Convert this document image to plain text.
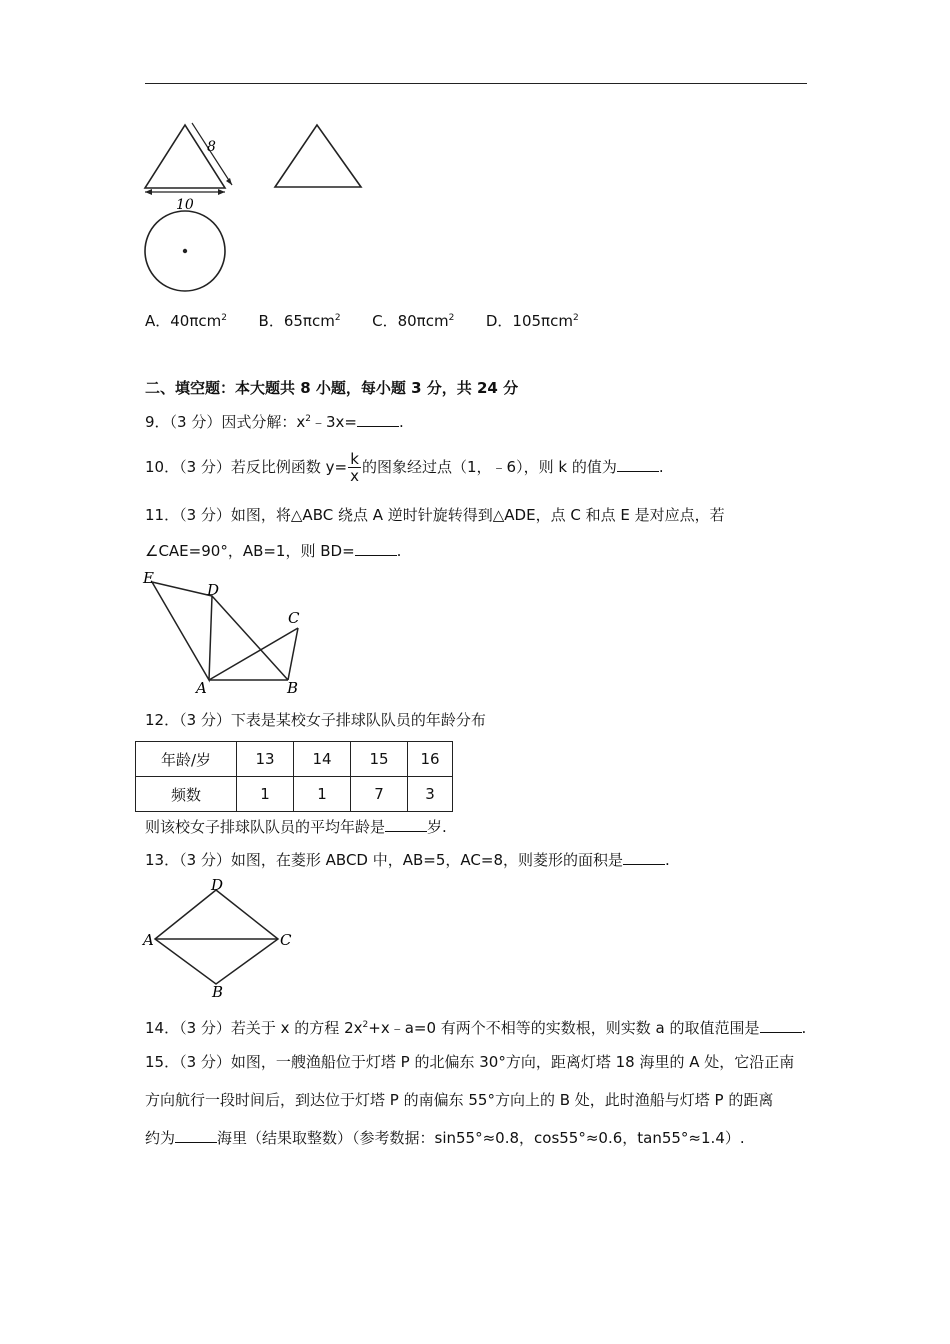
8
10
A．40πcm$^2$ B．65πcm$^2$ C．80πcm$^2$ D．105πcm$^2$
二、填空题：本大题共 8 小题，每小题 3 分，共 24 分
9．（3 分）因式分解：$x^2﹣3x=$	.
10．（3 分）若反比例函数 $y= \frac{k}{x}$ 的图象经过点（1，﹣6），则 k 的值为	.
11．（3 分）如图，将△ABC 绕点 A 逆时针旋转得到△ADE，点 C 和点 E 是对应点，若
∠CAE=90°，AB=1，则 BD=	.
E
D
C
A	B
12．（3 分）下表是某校女子排球队队员的年龄分布
年龄/岁	13	14	15	16
频数	1	1	7	3
则该校女子排球队队员的平均年龄是	岁.
13．（3 分）如图，在菱形 ABCD 中，AB=5，AC=8，则菱形的面积是	.
D
A	C
B
14．（3 分）若关于 x 的方程 $2x^2+x﹣a=0$ 有两个不相等的实数根，则实数 a 的取值范围是	.
15．（3 分）如图，一艘渔船位于灯塔 P 的北偏东 30°方向，距离灯塔 18 海里的 A 处，它沿正南
方向航行一段时间后，到达位于灯塔 P 的南偏东 55°方向上的 B 处，此时渔船与灯塔 P 的距离
约为	海里（结果取整数）（参考数据：sin55°≈0.8，cos55°≈0.6，tan55°≈1.4）.
